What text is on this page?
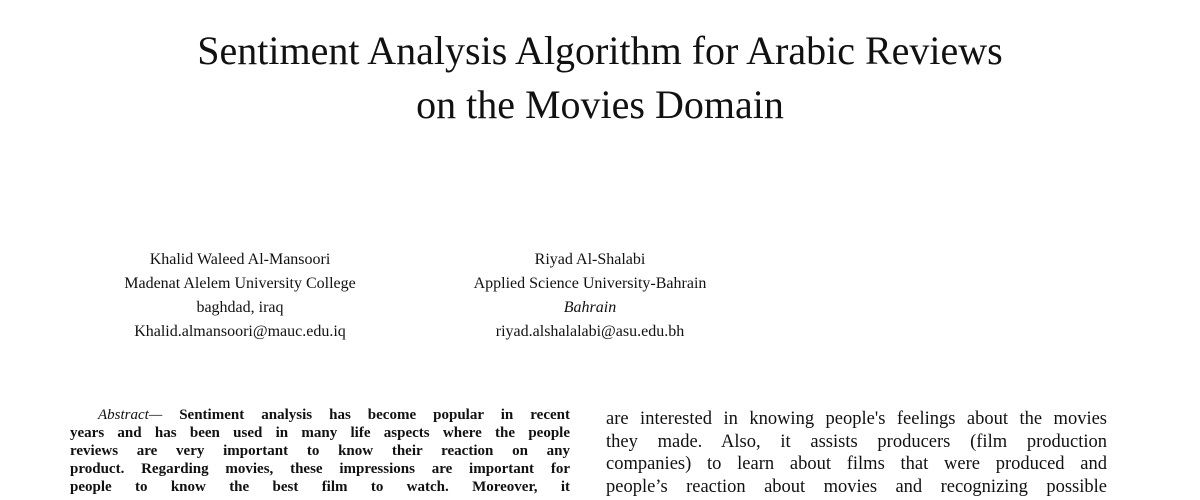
Sentiment Analysis Algorithm for Arabic Reviews
on the Movies Domain
Khalid Waleed Al-Mansoori
Madenat Alelem University College
baghdad, iraq
Khalid.almansoori@mauc.edu.iq
Riyad Al-Shalabi
Applied Science University-Bahrain
Bahrain
riyad.alshalalabi@asu.edu.bh
Abstract— Sentiment analysis has become popular in recent
years and has been used in many life aspects where the people
reviews are very important to know their reaction on any
product. Regarding movies, these impressions are important for
people to know the best film to watch. Moreover, it
are interested in knowing people's feelings about the movies
they made. Also, it assists producers (film production
companies) to learn about films that were produced and
people’s reaction about movies and recognizing possible
